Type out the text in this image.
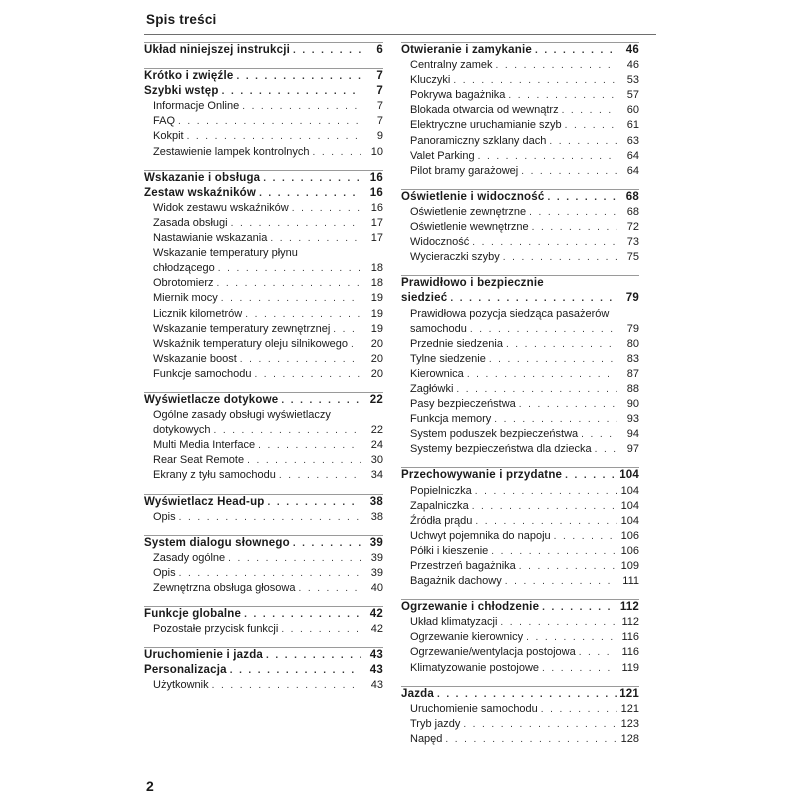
Spis treści
Układ niniejszej instrukcji . . .	6
Krótko i zwięźle . . .	7
Szybki wstęp . . .	7
Informacje Online . . .	7
FAQ . . .	7
Kokpit . . .	9
Zestawienie lampek kontrolnych . . .	10
Wskazanie i obsługa . . .	16
Zestaw wskaźników . . .	16
Widok zestawu wskaźników . . .	16
Zasada obsługi . . .	17
Nastawianie wskazania . . .	17
Wskazanie temperatury płynu
chłodzącego . . .	18
Obrotomierz . . .	18
Miernik mocy . . .	19
Licznik kilometrów . . .	19
Wskazanie temperatury zewnętrznej . . .	19
Wskaźnik temperatury oleju silnikowego . . .	20
Wskazanie boost . . .	20
Funkcje samochodu . . .	20
Wyświetlacze dotykowe . . .	22
Ogólne zasady obsługi wyświetlaczy
dotykowych . . .	22
Multi Media Interface . . .	24
Rear Seat Remote . . .	30
Ekrany z tyłu samochodu . . .	34
Wyświetlacz Head-up . . .	38
Opis . . .	38
System dialogu słownego . . .	39
Zasady ogólne . . .	39
Opis . . .	39
Zewnętrzna obsługa głosowa . . .	40
Funkcje globalne . . .	42
Pozostałe przycisk funkcji . . .	42
Uruchomienie i jazda . . .	43
Personalizacja . . .	43
Użytkownik . . .	43
Otwieranie i zamykanie . . .	46
Centralny zamek . . .	46
Kluczyki . . .	53
Pokrywa bagażnika . . .	57
Blokada otwarcia od wewnątrz . . .	60
Elektryczne uruchamianie szyb . . .	61
Panoramiczny szklany dach . . .	63
Valet Parking . . .	64
Pilot bramy garażowej . . .	64
Oświetlenie i widoczność . . .	68
Oświetlenie zewnętrzne . . .	68
Oświetlenie wewnętrzne . . .	72
Widoczność . . .	73
Wycieraczki szyby . . .	75
Prawidłowo i bezpiecznie
siedzieć . . .	79
Prawidłowa pozycja siedząca pasażerów
samochodu . . .	79
Przednie siedzenia . . .	80
Tylne siedzenie . . .	83
Kierownica . . .	87
Zagłówki . . .	88
Pasy bezpieczeństwa . . .	90
Funkcja memory . . .	93
System poduszek bezpieczeństwa . . .	94
Systemy bezpieczeństwa dla dziecka . . .	97
Przechowywanie i przydatne . . .	104
Popielniczka . . .	104
Zapalniczka . . .	104
Źródła prądu . . .	104
Uchwyt pojemnika do napoju . . .	106
Półki i kieszenie . . .	106
Przestrzeń bagażnika . . .	109
Bagażnik dachowy . . .	111
Ogrzewanie i chłodzenie . . .	112
Układ klimatyzacji . . .	112
Ogrzewanie kierownicy . . .	116
Ogrzewanie/wentylacja postojowa . . .	116
Klimatyzowanie postojowe . . .	119
Jazda . . .	121
Uruchomienie samochodu . . .	121
Tryb jazdy . . .	123
Napęd . . .	128
2
